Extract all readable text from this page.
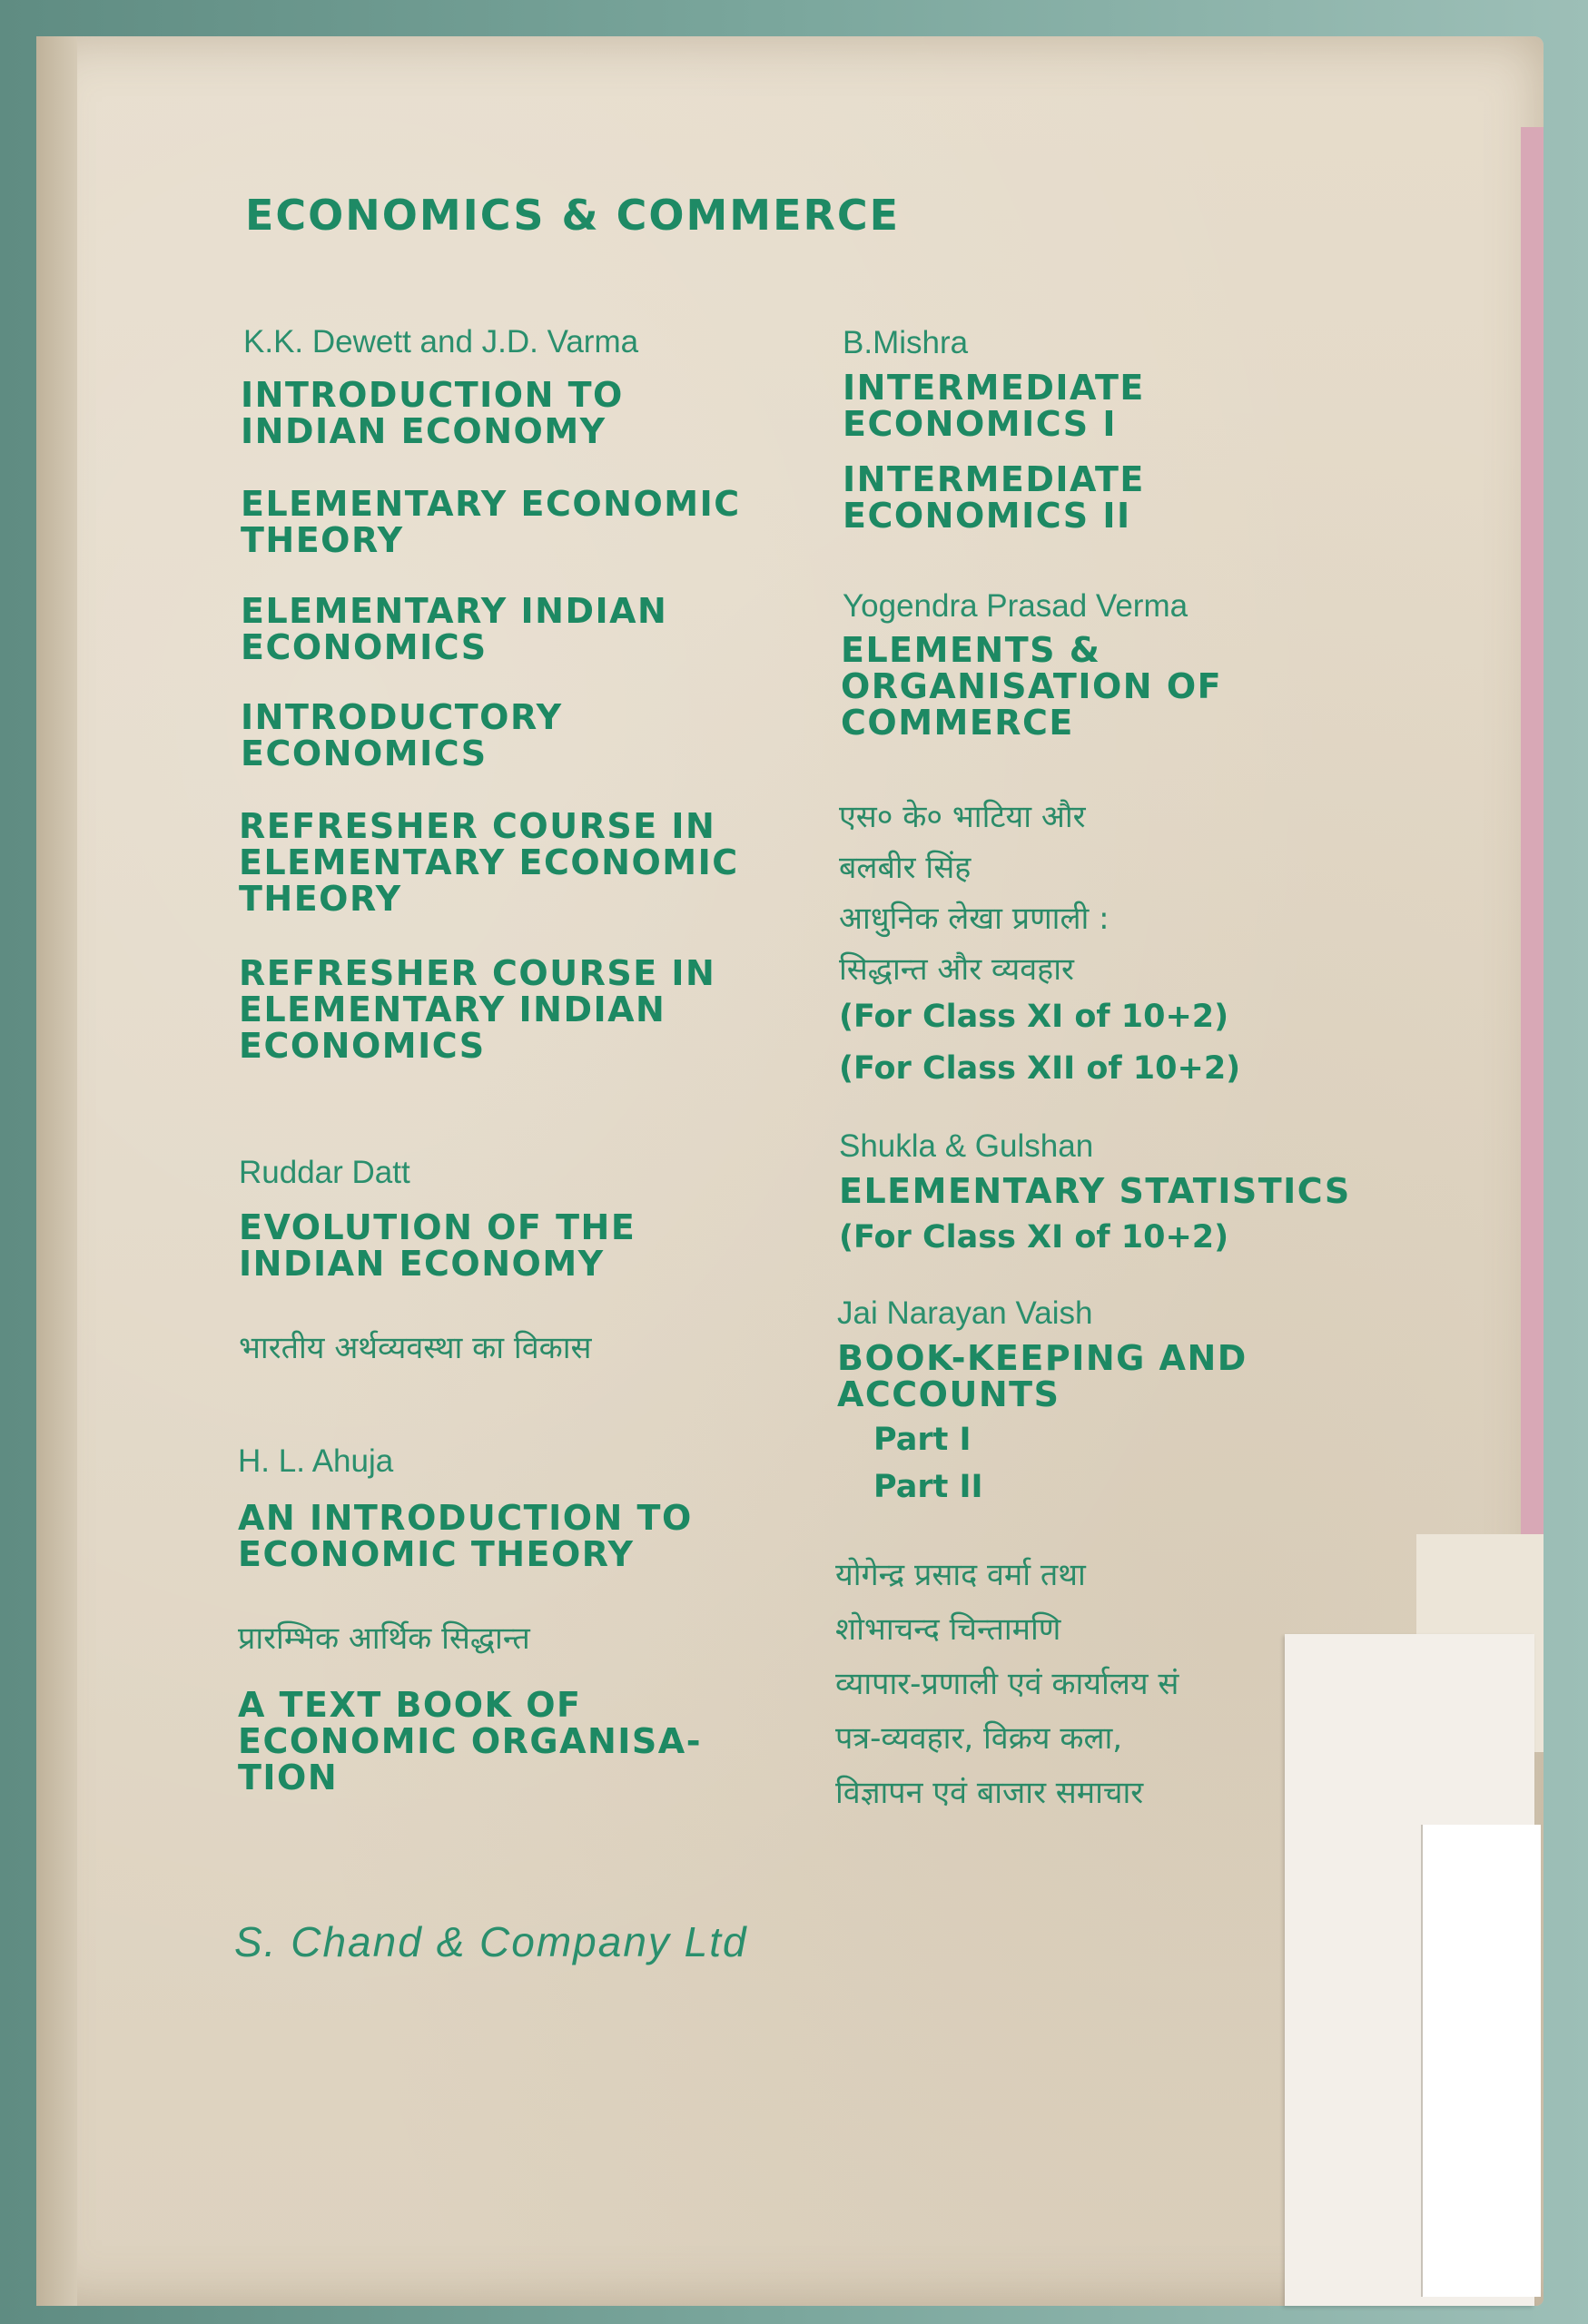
ECONOMICS & COMMERCE
K.K. Dewett and J.D. Varma
INTRODUCTION TO
INDIAN ECONOMY
ELEMENTARY ECONOMIC
THEORY
ELEMENTARY INDIAN
ECONOMICS
INTRODUCTORY
ECONOMICS
REFRESHER COURSE IN
ELEMENTARY ECONOMIC
THEORY
REFRESHER COURSE IN
ELEMENTARY INDIAN
ECONOMICS
Ruddar Datt
EVOLUTION OF THE
INDIAN ECONOMY
भारतीय अर्थव्यवस्था का विकास
H. L. Ahuja
AN INTRODUCTION TO
ECONOMIC THEORY
प्रारम्भिक आर्थिक सिद्धान्त
A TEXT BOOK OF
ECONOMIC ORGANISA-
TION
S. Chand & Company Ltd
B.Mishra
INTERMEDIATE
ECONOMICS I
INTERMEDIATE
ECONOMICS II
Yogendra Prasad Verma
ELEMENTS &
ORGANISATION OF
COMMERCE
एस० के० भाटिया और
बलबीर सिंह
आधुनिक लेखा प्रणाली :
सिद्धान्त और व्यवहार
(For Class XI of 10+2)
(For Class XII of 10+2)
Shukla & Gulshan
ELEMENTARY STATISTICS
(For Class XI of 10+2)
Jai Narayan Vaish
BOOK-KEEPING AND
ACCOUNTS
Part I
Part II
योगेन्द्र प्रसाद वर्मा तथा
शोभाचन्द चिन्तामणि
व्यापार-प्रणाली एवं कार्यालय सं
पत्र-व्यवहार, विक्रय कला,
विज्ञापन एवं बाजार समाचार
